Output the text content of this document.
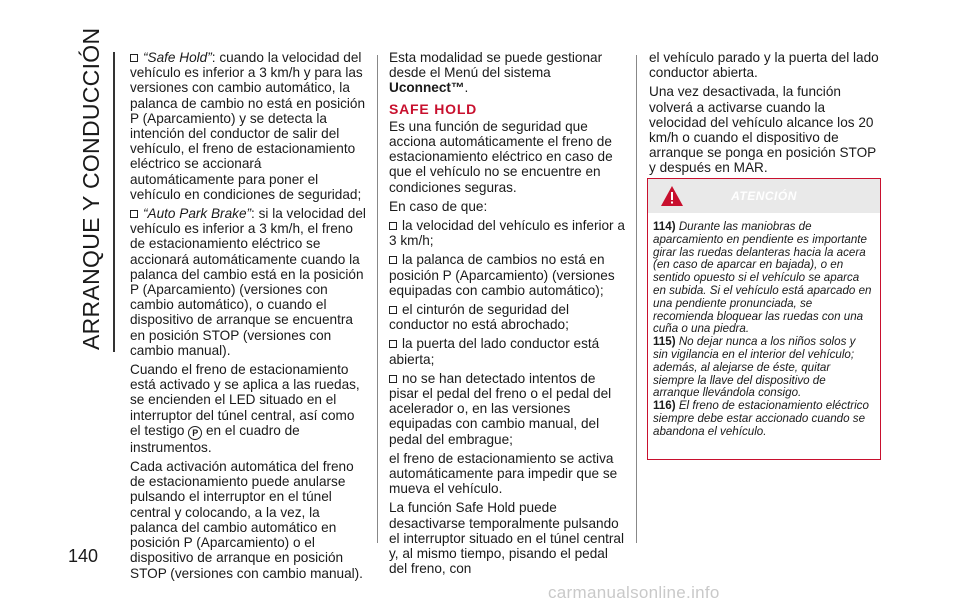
ARRANQUE Y CONDUCCIÓN
140

“Safe Hold”: cuando la velocidad del vehículo es inferior a 3 km/h y para las versiones con cambio automático, la palanca de cambio no está en posición P (Aparcamiento) y se detecta la intención del conductor de salir del vehículo, el freno de estacionamiento eléctrico se accionará automáticamente para poner el vehículo en condiciones de seguridad;

“Auto Park Brake”: si la velocidad del vehículo es inferior a 3 km/h, el freno de estacionamiento eléctrico se accionará automáticamente cuando la palanca del cambio está en la posición P (Aparcamiento) (versiones con cambio automático), o cuando el dispositivo de arranque se encuentra en posición STOP (versiones con cambio manual).

Cuando el freno de estacionamiento está activado y se aplica a las ruedas, se encienden el LED situado en el interruptor del túnel central, así como el testigo P en el cuadro de instrumentos.

Cada activación automática del freno de estacionamiento puede anularse pulsando el interruptor en el túnel central y colocando, a la vez, la palanca del cambio automático en posición P (Aparcamiento) o el dispositivo de arranque en posición STOP (versiones con cambio manual).

Esta modalidad se puede gestionar desde el Menú del sistema Uconnect™.

SAFE HOLD

Es una función de seguridad que acciona automáticamente el freno de estacionamiento eléctrico en caso de que el vehículo no se encuentre en condiciones seguras.

En caso de que:

la velocidad del vehículo es inferior a 3 km/h;

la palanca de cambios no está en posición P (Aparcamiento) (versiones equipadas con cambio automático);

el cinturón de seguridad del conductor no está abrochado;

la puerta del lado conductor está abierta;

no se han detectado intentos de pisar el pedal del freno o el pedal del acelerador o, en las versiones equipadas con cambio manual, del pedal del embrague;

el freno de estacionamiento se activa automáticamente para impedir que se mueva el vehículo.

La función Safe Hold puede desactivarse temporalmente pulsando el interruptor situado en el túnel central y, al mismo tiempo, pisando el pedal del freno, con

el vehículo parado y la puerta del lado conductor abierta.

Una vez desactivada, la función volverá a activarse cuando la velocidad del vehículo alcance los 20 km/h o cuando el dispositivo de arranque se ponga en posición STOP y después en MAR.

ATENCIÓN

114) Durante las maniobras de aparcamiento en pendiente es importante girar las ruedas delanteras hacia la acera (en caso de aparcar en bajada), o en sentido opuesto si el vehículo se aparca en subida. Si el vehículo está aparcado en una pendiente pronunciada, se recomienda bloquear las ruedas con una cuña o una piedra.

115) No dejar nunca a los niños solos y sin vigilancia en el interior del vehículo; además, al alejarse de éste, quitar siempre la llave del dispositivo de arranque llevándola consigo.

116) El freno de estacionamiento eléctrico siempre debe estar accionado cuando se abandona el vehículo.

carmanualsonline.info
